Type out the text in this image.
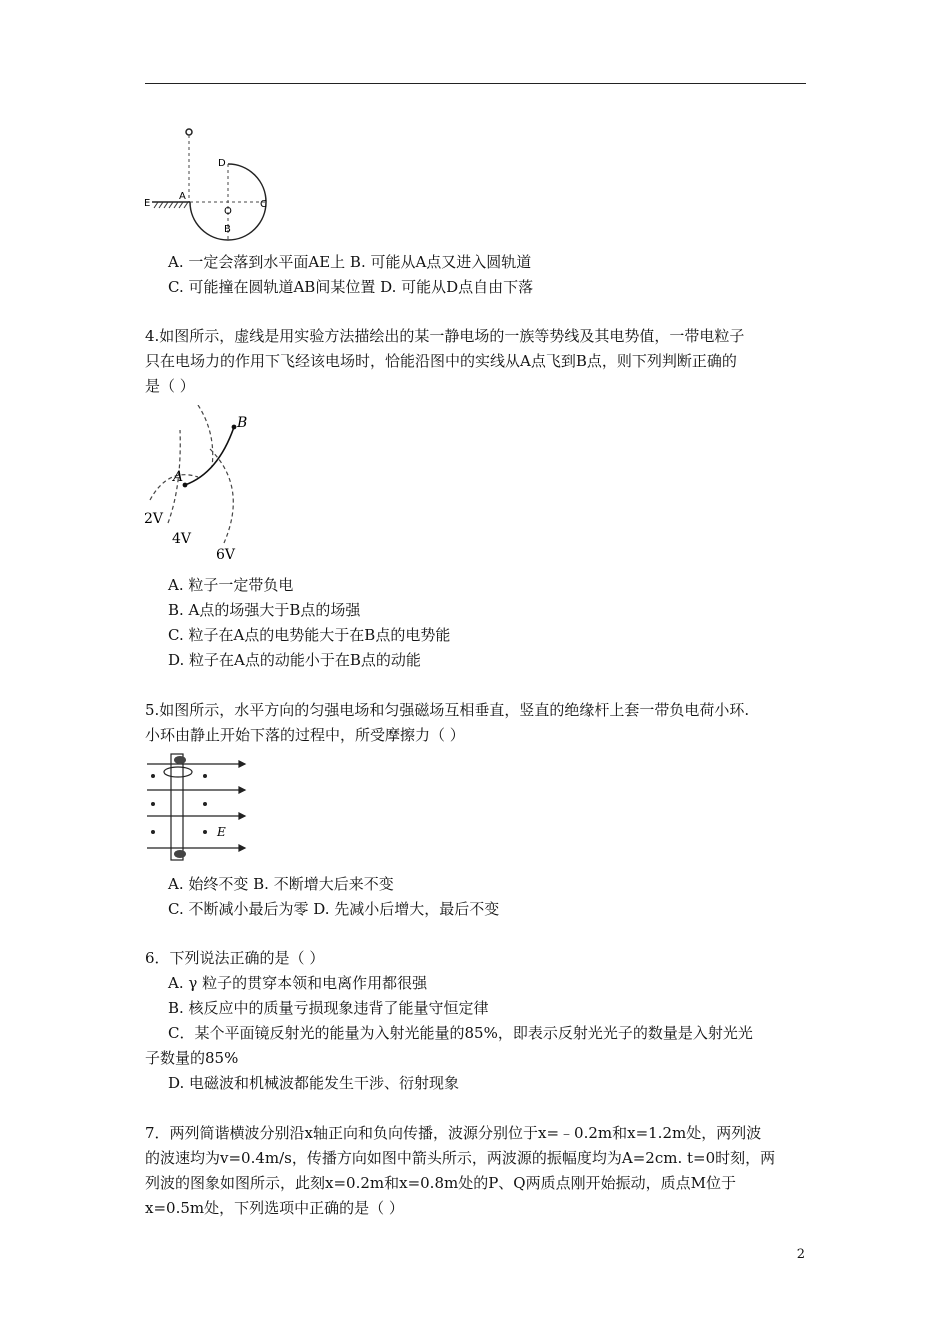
E
A
D
O
C
B
A. 一定会落到水平面AE上 B. 可能从A点又进入圆轨道
C. 可能撞在圆轨道AB间某位置 D. 可能从D点自由下落
4.如图所示，虚线是用实验方法描绘出的某一静电场的一族等势线及其电势值，一带电粒子
只在电场力的作用下飞经该电场时，恰能沿图中的实线从A点飞到B点，则下列判断正确的
是（ ）
A
B
2V
4V
6V
A. 粒子一定带负电
B. A点的场强大于B点的场强
C. 粒子在A点的电势能大于在B点的电势能
D. 粒子在A点的动能小于在B点的动能
5.如图所示，水平方向的匀强电场和匀强磁场互相垂直，竖直的绝缘杆上套一带负电荷小环.
小环由静止开始下落的过程中，所受摩擦力（ ）
E
A. 始终不变 B. 不断增大后来不变
C. 不断减小最后为零 D. 先减小后增大，最后不变
6．下列说法正确的是（ ）
A. γ 粒子的贯穿本领和电离作用都很强
B. 核反应中的质量亏损现象违背了能量守恒定律
C．某个平面镜反射光的能量为入射光能量的85%，即表示反射光光子的数量是入射光光
子数量的85%
D. 电磁波和机械波都能发生干涉、衍射现象
7．两列简谐横波分别沿x轴正向和负向传播，波源分别位于x=﹣0.2m和x=1.2m处，两列波
的波速均为v=0.4m/s，传播方向如图中箭头所示，两波源的振幅度均为A=2cm. t=0时刻，两
列波的图象如图所示，此刻x=0.2m和x=0.8m处的P、Q两质点刚开始振动，质点M位于
x=0.5m处，下列选项中正确的是（ ）
2
